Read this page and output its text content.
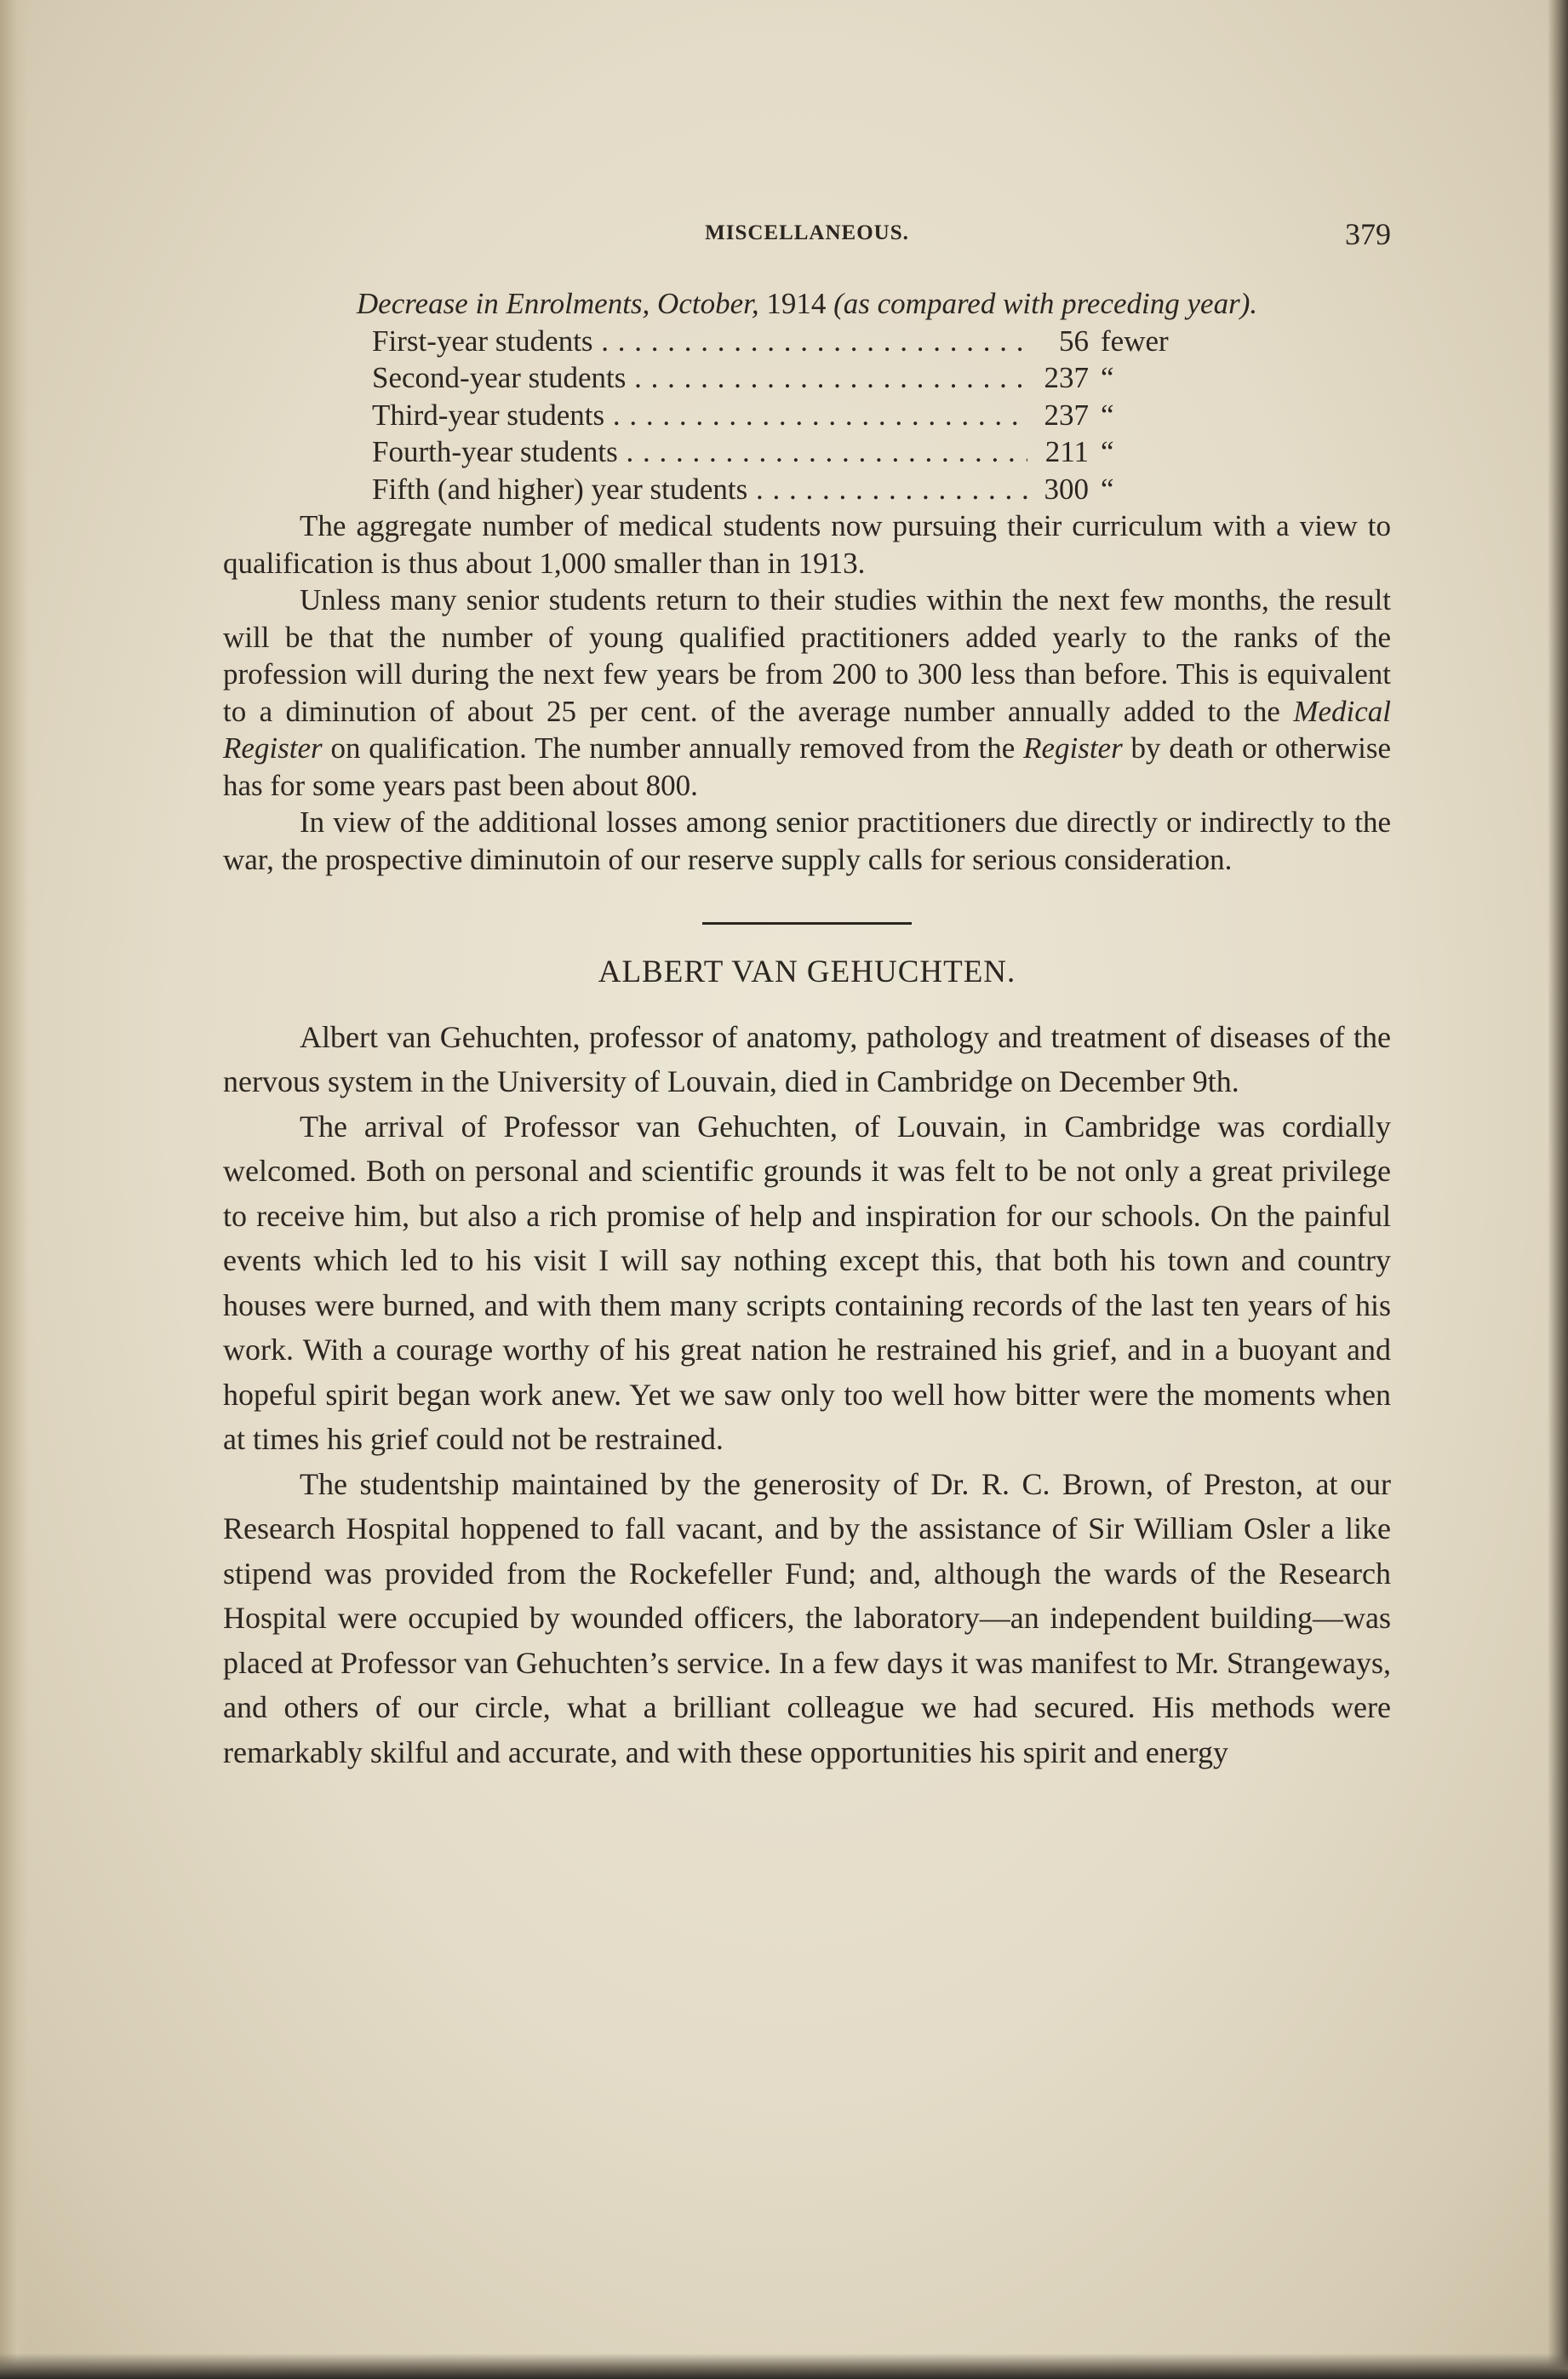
MISCELLANEOUS.	379
Decrease in Enrolments, October, 1914 (as compared with preceding year).
First-year students . . .	56 fewer
Second-year students . . .	237 “
Third-year students . . .	237 “
Fourth-year students . . .	211 “
Fifth (and higher) year students . . .	300 “

The aggregate number of medical students now pursuing their curriculum with a view to qualification is thus about 1,000 smaller than in 1913.

Unless many senior students return to their studies within the next few months, the result will be that the number of young qualified practitioners added yearly to the ranks of the profession will during the next few years be from 200 to 300 less than before. This is equivalent to a diminution of about 25 per cent. of the average number annually added to the Medical Register on qualification. The number annually removed from the Register by death or otherwise has for some years past been about 800.

In view of the additional losses among senior practitioners due directly or indirectly to the war, the prospective diminutoin of our reserve supply calls for serious consideration.

ALBERT VAN GEHUCHTEN.

Albert van Gehuchten, professor of anatomy, pathology and treatment of diseases of the nervous system in the University of Louvain, died in Cambridge on December 9th.

The arrival of Professor van Gehuchten, of Louvain, in Cambridge was cordially welcomed. Both on personal and scientific grounds it was felt to be not only a great privilege to receive him, but also a rich promise of help and inspiration for our schools. On the painful events which led to his visit I will say nothing except this, that both his town and country houses were burned, and with them many scripts containing records of the last ten years of his work. With a courage worthy of his great nation he restrained his grief, and in a buoyant and hopeful spirit began work anew. Yet we saw only too well how bitter were the moments when at times his grief could not be restrained.

The studentship maintained by the generosity of Dr. R. C. Brown, of Preston, at our Research Hospital hoppened to fall vacant, and by the assistance of Sir William Osler a like stipend was provided from the Rockefeller Fund; and, although the wards of the Research Hospital were occupied by wounded officers, the laboratory—an independent building—was placed at Professor van Gehuchten’s service. In a few days it was manifest to Mr. Strangeways, and others of our circle, what a brilliant colleague we had secured. His methods were remarkably skilful and accurate, and with these opportunities his spirit and energy
